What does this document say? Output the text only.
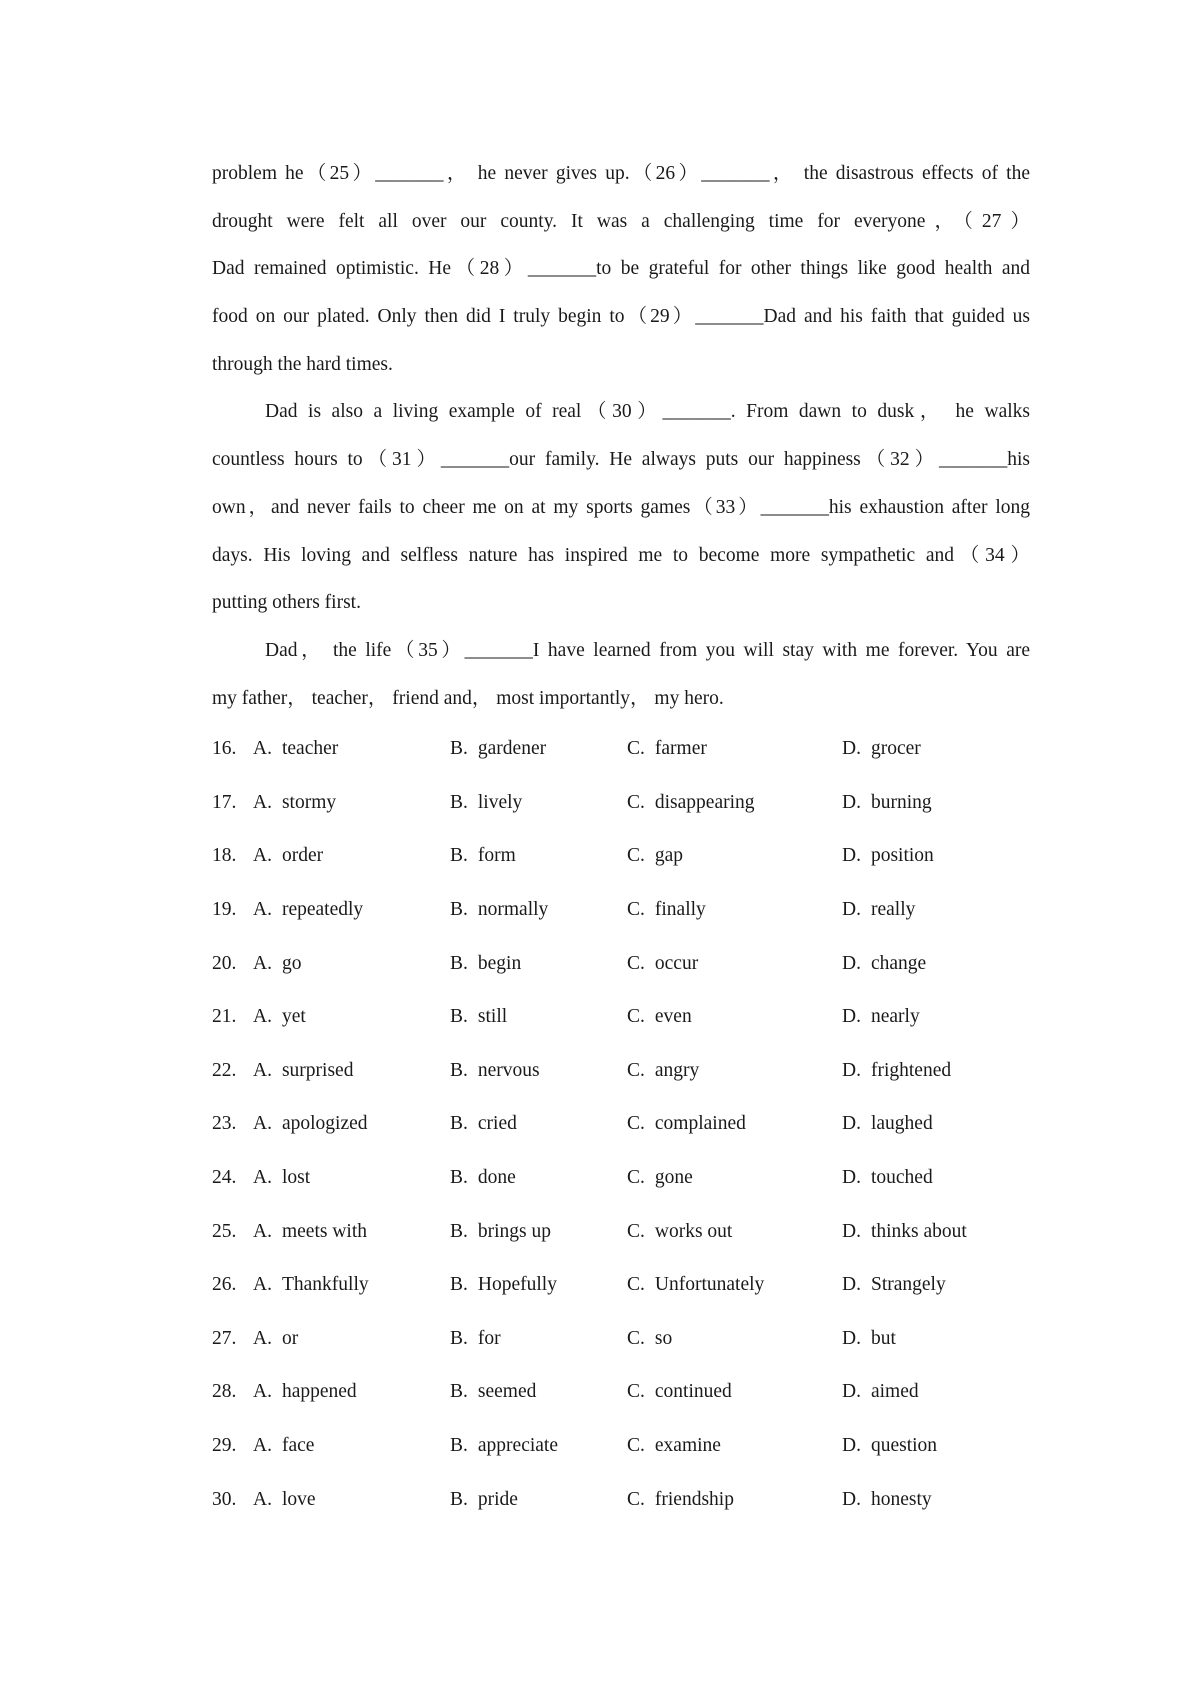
problem he（25）_______， he never gives up.（26）_______， the disastrous effects of the
drought were felt all over our county. It was a challenging time for everyone，（27）
Dad remained optimistic. He（28）_______to be grateful for other things like good health and
food on our plated. Only then did I truly begin to（29）_______Dad and his faith that guided us
through the hard times.
Dad is also a living example of real（30）_______. From dawn to dusk， he walks
countless hours to（31）_______our family. He always puts our happiness（32）_______his
own，and never fails to cheer me on at my sports games（33）_______his exhaustion after long
days. His loving and selfless nature has inspired me to become more sympathetic and（34）
putting others first.
Dad， the life（35）_______I have learned from you will stay with me forever. You are
my father， teacher， friend and， most importantly， my hero.
16. A. teacher	B. gardener	C. farmer	D. grocer
17. A. stormy	B. lively	C. disappearing	D. burning
18. A. order	B. form	C. gap	D. position
19. A. repeatedly	B. normally	C. finally	D. really
20. A. go	B. begin	C. occur	D. change
21. A. yet	B. still	C. even	D. nearly
22. A. surprised	B. nervous	C. angry	D. frightened
23. A. apologized	B. cried	C. complained	D. laughed
24. A. lost	B. done	C. gone	D. touched
25. A. meets with	B. brings up	C. works out	D. thinks about
26. A. Thankfully	B. Hopefully	C. Unfortunately	D. Strangely
27. A. or	B. for	C. so	D. but
28. A. happened	B. seemed	C. continued	D. aimed
29. A. face	B. appreciate	C. examine	D. question
30. A. love	B. pride	C. friendship	D. honesty
